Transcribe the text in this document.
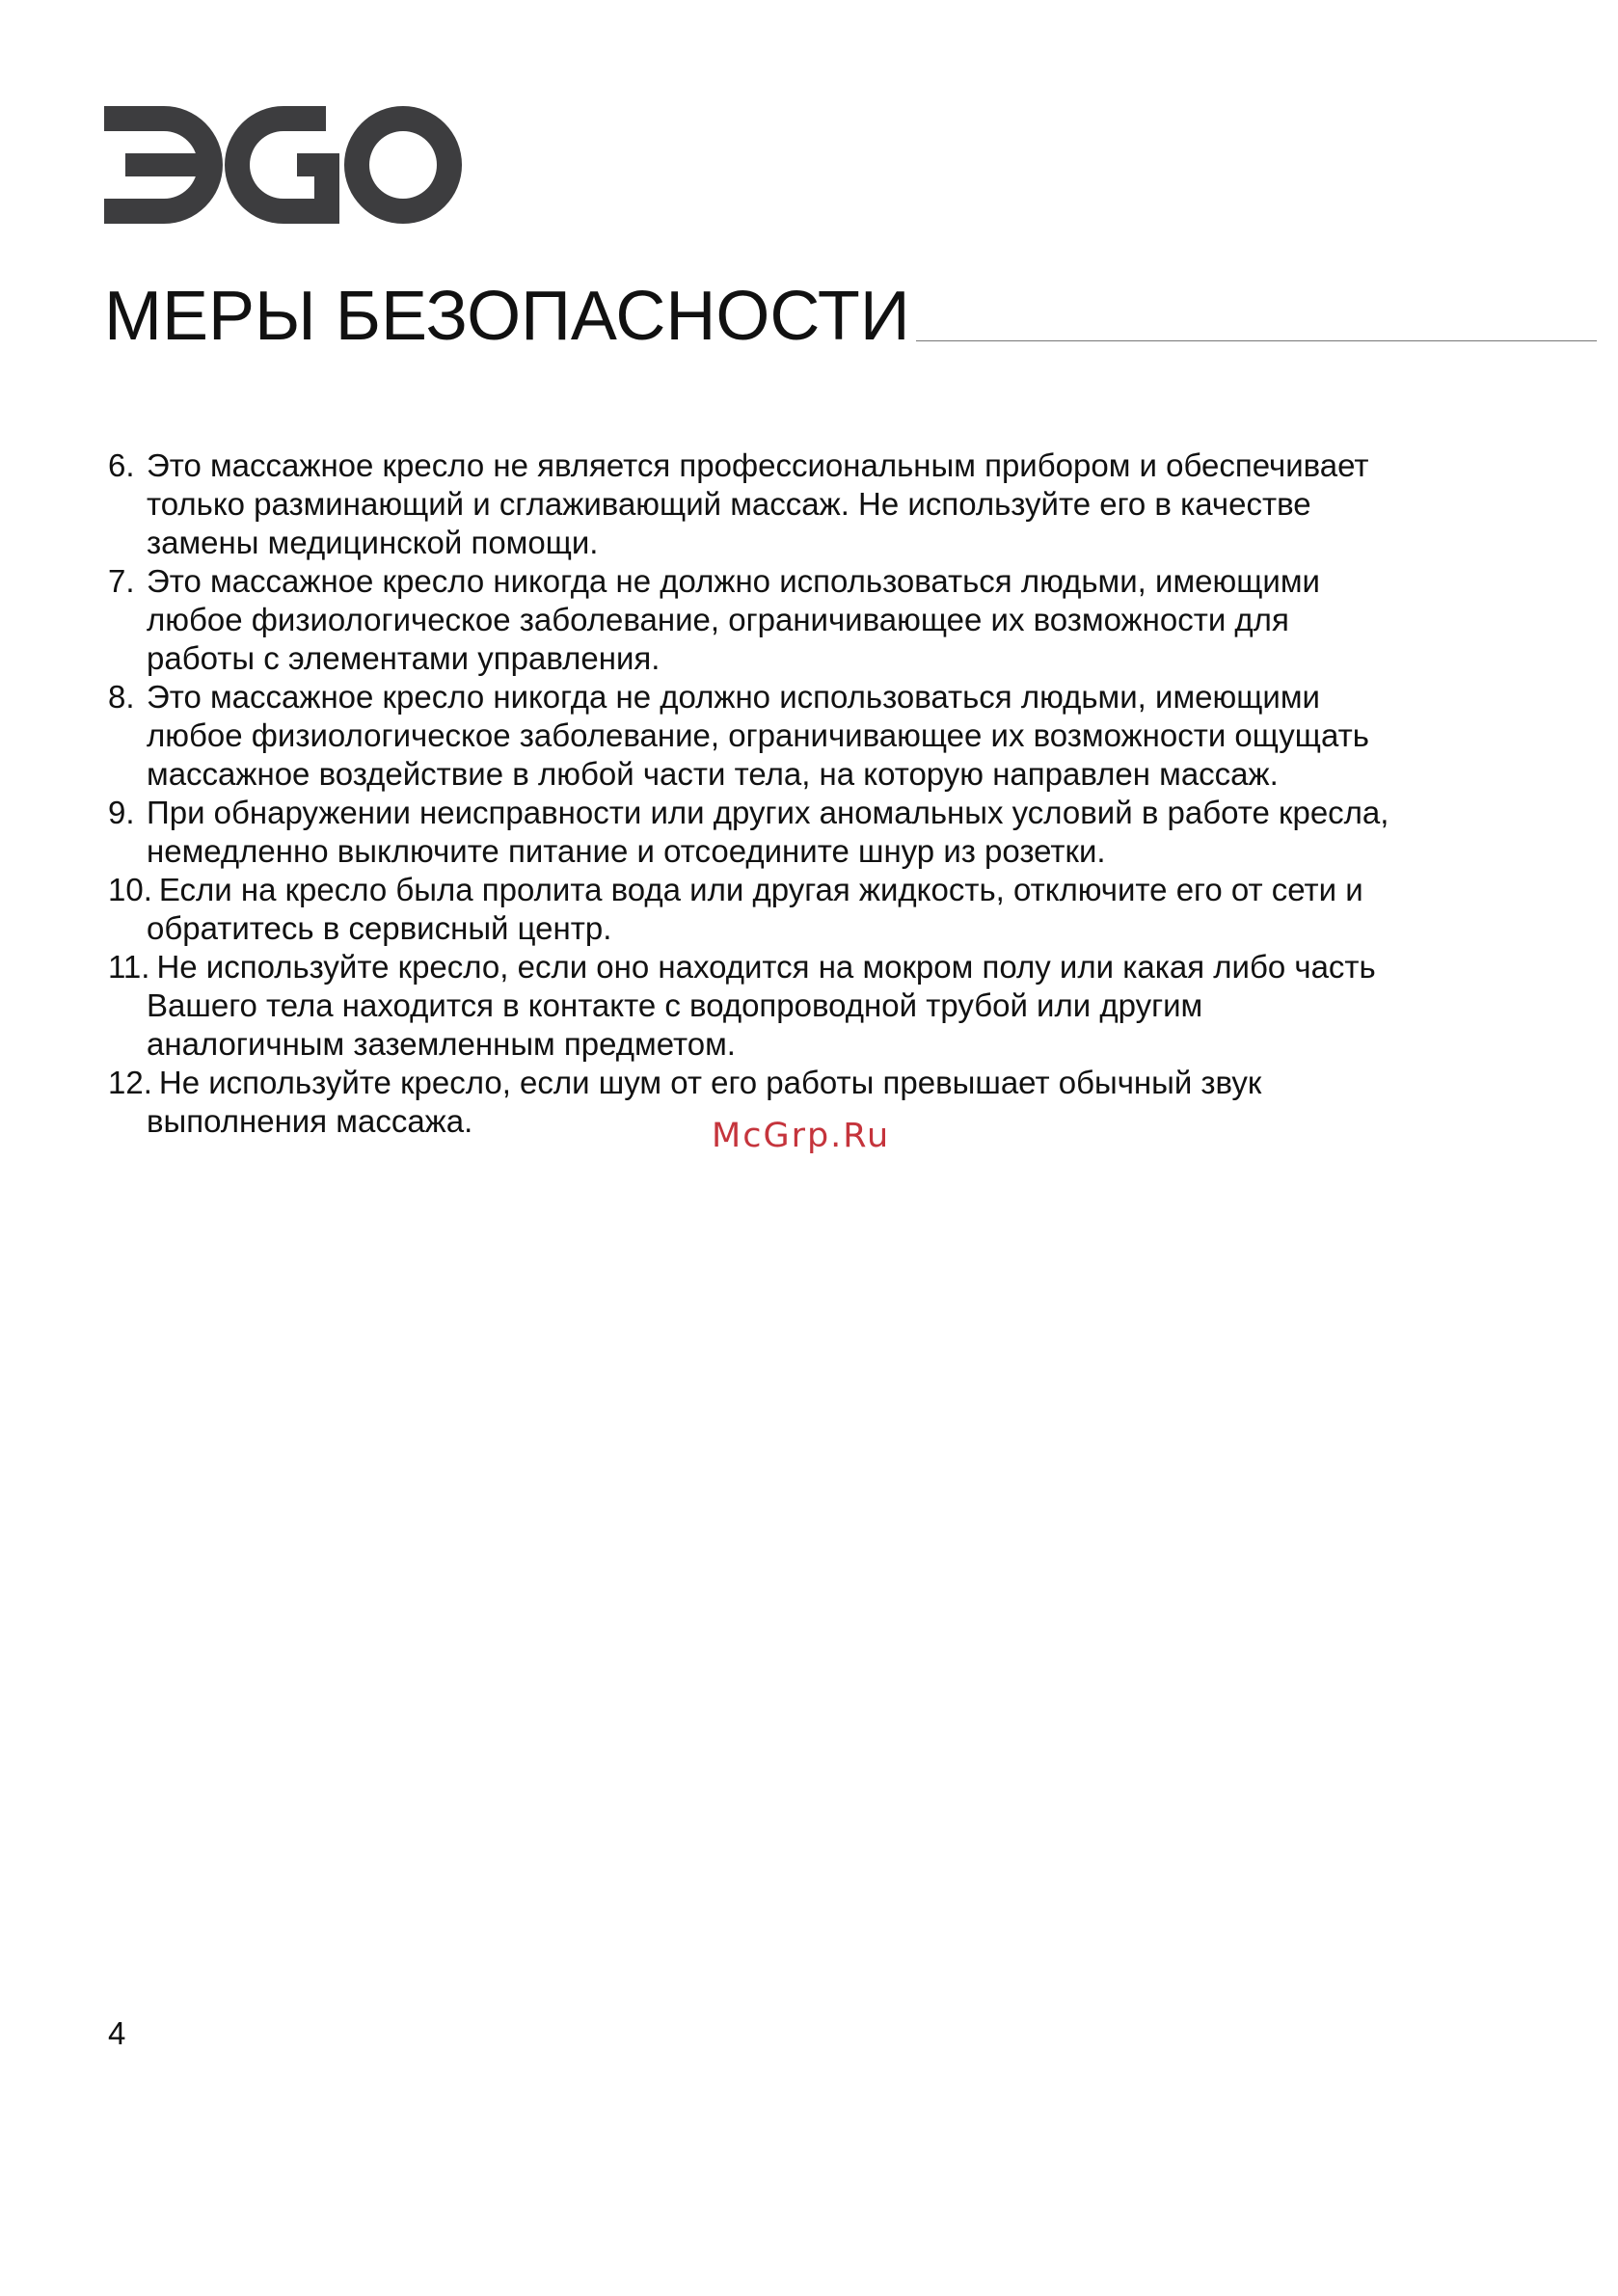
МЕРЫ БЕЗОПАСНОСТИ
6. Это массажное кресло не является профессиональным прибором и обеспечивает
только разминающий и сглаживающий массаж. Не используйте его в качестве
замены медицинской помощи.
7. Это массажное кресло никогда не должно использоваться людьми, имеющими
любое физиологическое заболевание, ограничивающее их возможности для
работы с элементами управления.
8. Это массажное кресло никогда не должно использоваться людьми, имеющими
любое физиологическое заболевание, ограничивающее их возможности ощущать
массажное воздействие в любой части тела, на которую направлен массаж.
9. При обнаружении неисправности или других аномальных условий в работе кресла,
немедленно выключите питание и отсоедините шнур из розетки.
10. Если на кресло была пролита вода или другая жидкость, отключите его от сети и
обратитесь в сервисный центр.
11. Не используйте кресло, если оно находится на мокром полу или какая либо часть
Вашего тела находится в контакте с водопроводной трубой или другим
аналогичным заземленным предметом.
12. Не используйте кресло, если шум от его работы превышает обычный звук
выполнения массажа.	McGrp.Ru
4
